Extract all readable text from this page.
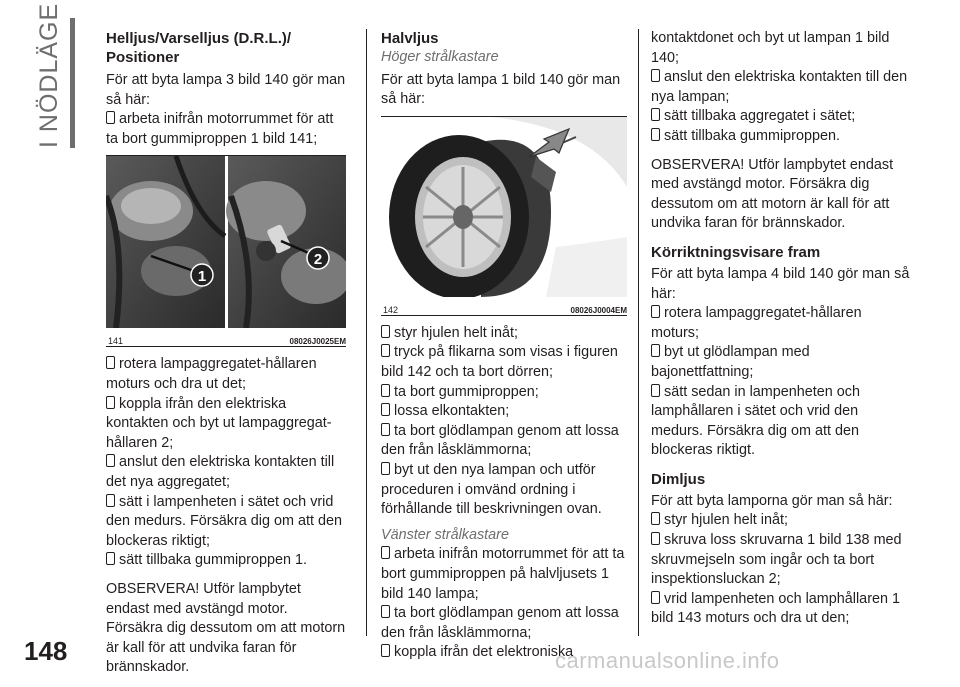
I NÖDLÄGE	Helljus/Varselljus (D.R.L.)/ Positioner

För att byta lampa 3 bild 140 gör man så här:

arbeta inifrån motorrummet för att ta bort gummiproppen 1 bild 141;
1
2
141	08026J0025EM
rotera lampaggregatet-hållaren moturs och dra ut det;
koppla ifrån den elektriska kontakten och byt ut lampaggregat-hållaren 2;
anslut den elektriska kontakten till det nya aggregatet;
sätt i lampenheten i sätet och vrid den medurs. Försäkra dig om att den blockeras riktigt;
sätt tillbaka gummiproppen 1.

OBSERVERA! Utför lampbytet endast med avstängd motor. Försäkra dig dessutom om att motorn är kall för att undvika faran för brännskador.

Halvljus
Höger strålkastare

För att byta lampa 1 bild 140 gör man så här:

142	08026J0004EM
styr hjulen helt inåt;
tryck på flikarna som visas i figuren bild 142 och ta bort dörren;
ta bort gummiproppen;
lossa elkontakten;
ta bort glödlampan genom att lossa den från låsklämmorna;
byt ut den nya lampan och utför proceduren i omvänd ordning i förhållande till beskrivningen ovan.
Vänster strålkastare
arbeta inifrån motorrummet för att ta bort gummiproppen på halvljusets 1 bild 140 lampa;
ta bort glödlampan genom att lossa den från låsklämmorna;
koppla ifrån det elektroniska
kontaktdonet och byt ut lampan 1 bild 140;
anslut den elektriska kontakten till den nya lampan;
sätt tillbaka aggregatet i sätet;
sätt tillbaka gummiproppen.

OBSERVERA! Utför lampbytet endast med avstängd motor. Försäkra dig dessutom om att motorn är kall för att undvika faran för brännskador.

Körriktningsvisare fram

För att byta lampa 4 bild 140 gör man så här:

rotera lampaggregatet-hållaren moturs;
byt ut glödlampan med bajonettfattning;
sätt sedan in lampenheten och lamphållaren i sätet och vrid den medurs. Försäkra dig om att den blockeras riktigt.
Dimljus

För att byta lamporna gör man så här:

styr hjulen helt inåt;
skruva loss skruvarna 1 bild 138 med skruvmejseln som ingår och ta bort inspektionsluckan 2;
vrid lampenheten och lamphållaren 1 bild 143 moturs och dra ut den;
148	carmanualsonline.info
